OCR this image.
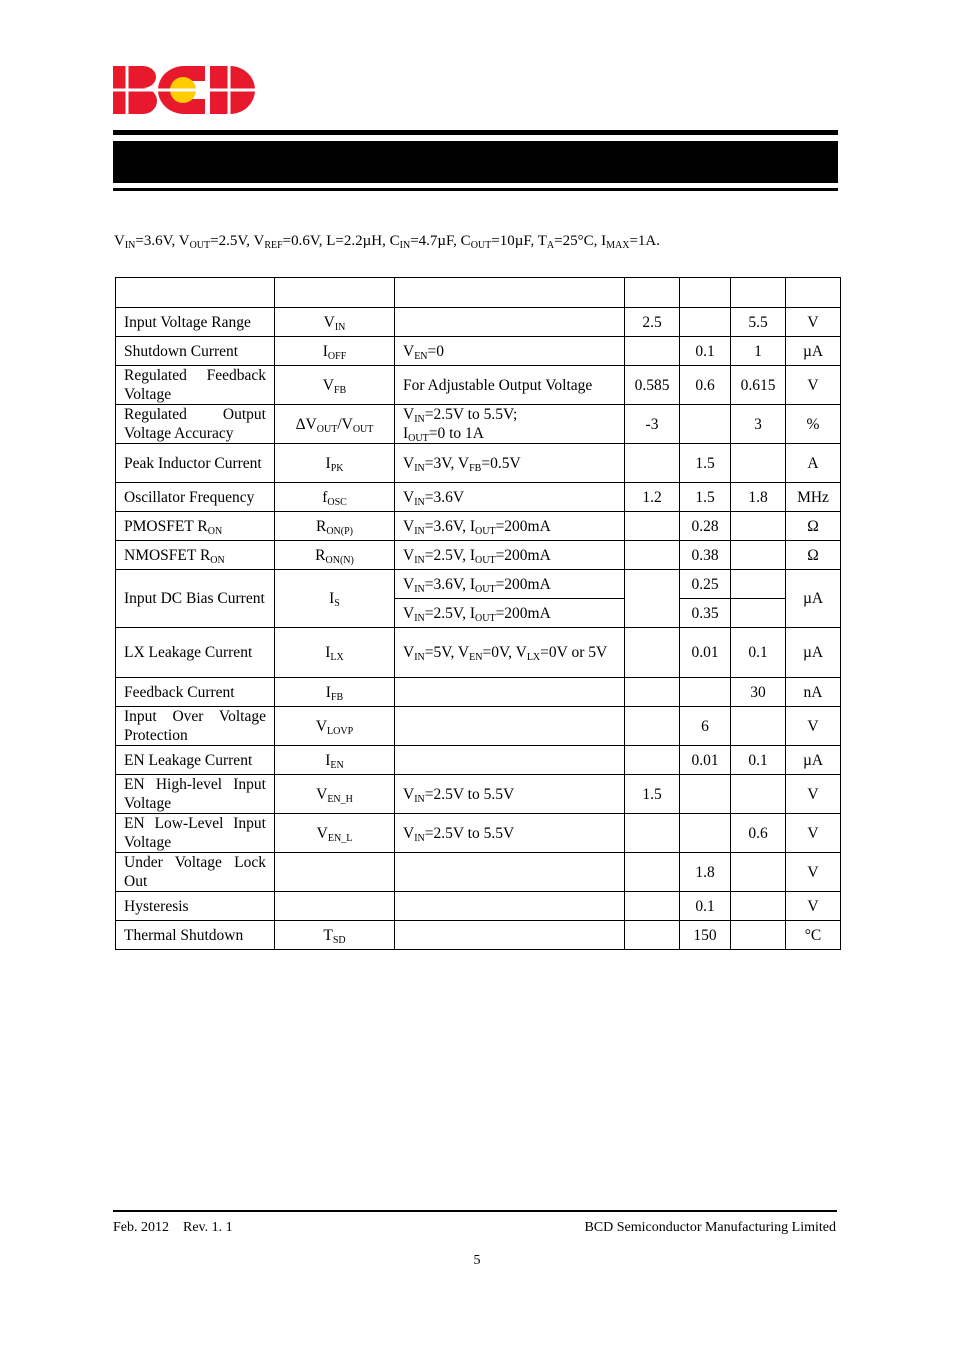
$V_{IN}=3.6V$, $V_{OUT}=2.5V$, $V_{REF}=0.6V$, L=2.2µH, $C_{IN}=4.7\mu F$, $C_{OUT}=10\mu F$, $T_A=25^\circ C$, $I_{MAX}=1A$.

Input Voltage Range	$V_{IN}$		2.5		5.5	V
Shutdown Current	$I_{OFF}$	$V_{EN}=0$		0.1	1	µA
Regulated Feedback Voltage	$V_{FB}$	For Adjustable Output Voltage	0.585	0.6	0.615	V
Regulated Output Voltage Accuracy	$\Delta V_{OUT}/V_{OUT}$	$V_{IN}=2.5V$ to 5.5V;
$I_{OUT}=0$ to 1A	-3		3	%
Peak Inductor Current	$I_{PK}$	$V_{IN}=3V$, $V_{FB}=0.5V$		1.5		A
Oscillator Frequency	$f_{OSC}$	$V_{IN}=3.6V$	1.2	1.5	1.8	MHz
PMOSFET $R_{ON}$	$R_{ON(P)}$	$V_{IN}=3.6V$, $I_{OUT}=200mA$		0.28		Ω
NMOSFET $R_{ON}$	$R_{ON(N)}$	$V_{IN}=2.5V$, $I_{OUT}=200mA$		0.38		Ω
Input DC Bias Current	$I_S$	$V_{IN}=3.6V$, $I_{OUT}=200mA$		0.25		µA
		$V_{IN}=2.5V$, $I_{OUT}=200mA$		0.35		
LX Leakage Current	$I_{LX}$	$V_{IN}=5V$, $V_{EN}=0V$, $V_{LX}=0V$ or 5V		0.01	0.1	µA
Feedback Current	$I_{FB}$				30	nA
Input Over Voltage Protection	$V_{LOVP}$			6		V
EN Leakage Current	$I_{EN}$			0.01	0.1	µA
EN High-level Input Voltage	$V_{EN\_H}$	$V_{IN}=2.5V$ to 5.5V	1.5			V
EN Low-Level Input Voltage	$V_{EN\_L}$	$V_{IN}=2.5V$ to 5.5V			0.6	V
Under Voltage Lock Out				1.8		V
Hysteresis				0.1		V
Thermal Shutdown	$T_{SD}$			150		°C
Feb. 2012    Rev. 1. 1	BCD Semiconductor Manufacturing Limited
5
